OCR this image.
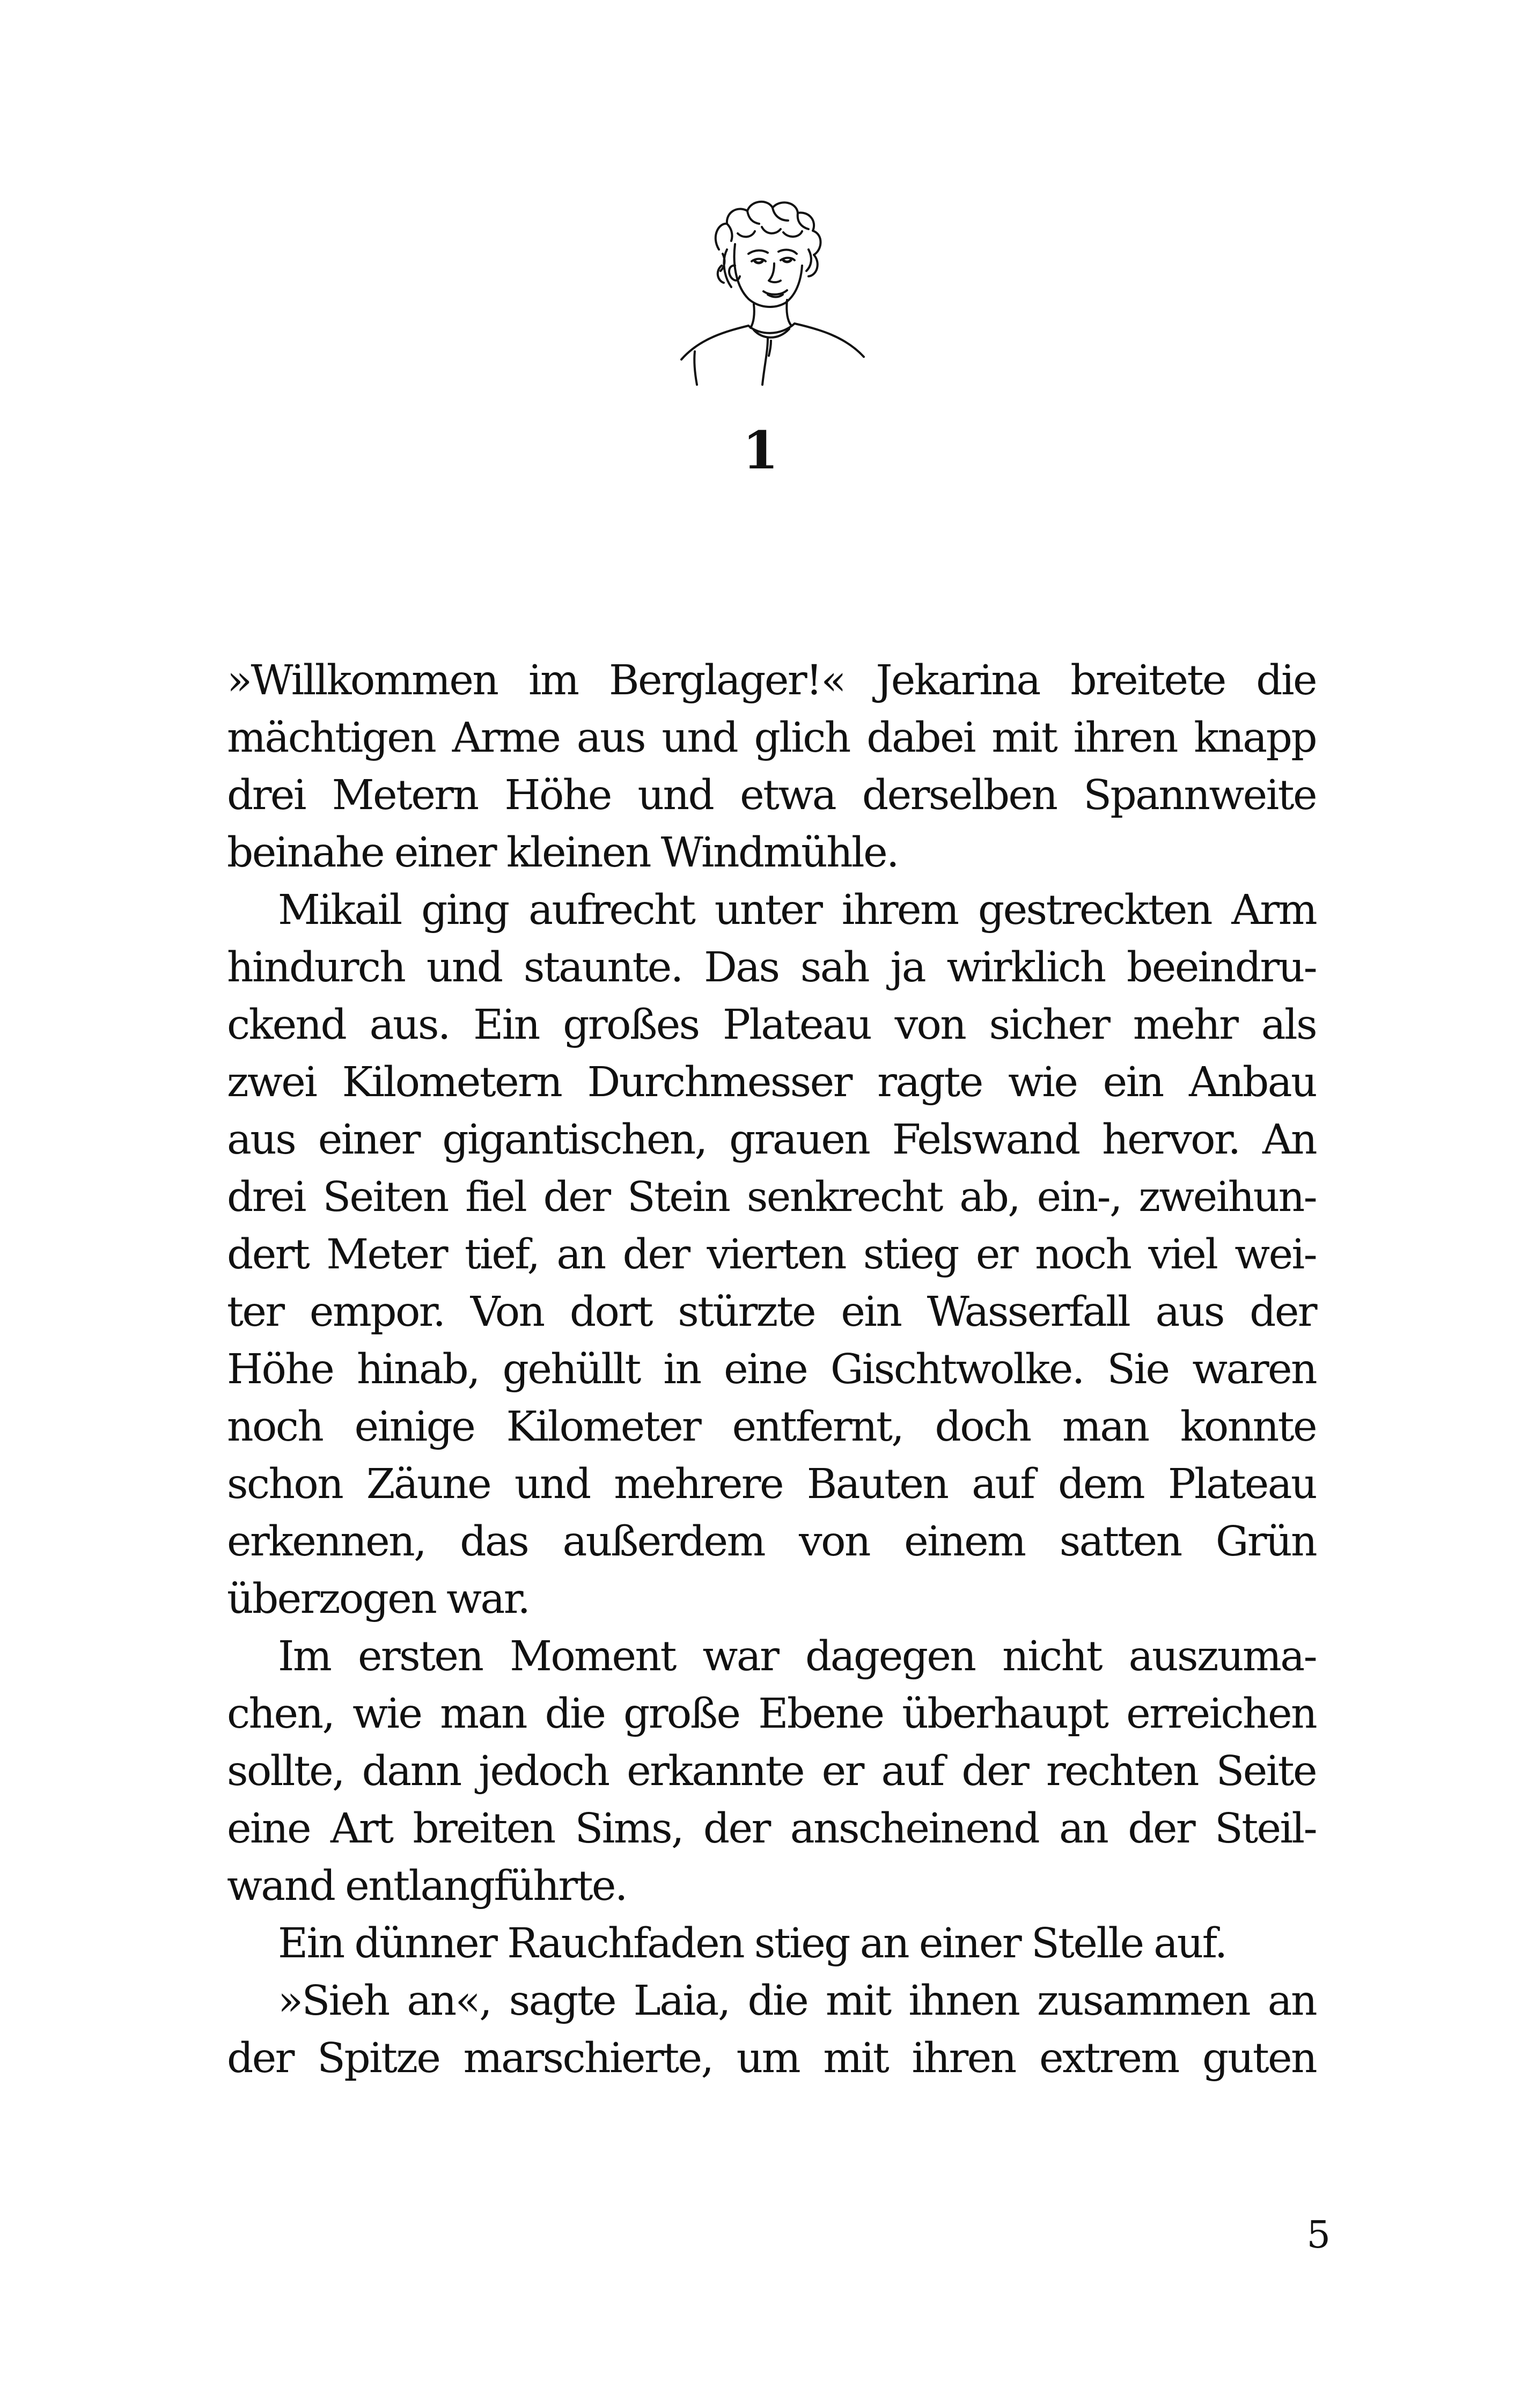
1
»Willkommen im Berglager!« Jekarina breitete die
mächtigen Arme aus und glich dabei mit ihren knapp
drei Metern Höhe und etwa derselben Spannweite
beinahe einer kleinen Windmühle.
Mikail ging aufrecht unter ihrem gestreckten Arm
hindurch und staunte. Das sah ja wirklich beeindru-
ckend aus. Ein großes Plateau von sicher mehr als
zwei Kilometern Durchmesser ragte wie ein Anbau
aus einer gigantischen, grauen Felswand hervor. An
drei Seiten fiel der Stein senkrecht ab, ein-, zweihun-
dert Meter tief, an der vierten stieg er noch viel wei-
ter empor. Von dort stürzte ein Wasserfall aus der
Höhe hinab, gehüllt in eine Gischtwolke. Sie waren
noch einige Kilometer entfernt, doch man konnte
schon Zäune und mehrere Bauten auf dem Plateau
erkennen, das außerdem von einem satten Grün
überzogen war.
Im ersten Moment war dagegen nicht auszuma-
chen, wie man die große Ebene überhaupt erreichen
sollte, dann jedoch erkannte er auf der rechten Seite
eine Art breiten Sims, der anscheinend an der Steil-
wand entlangführte.
Ein dünner Rauchfaden stieg an einer Stelle auf.
»Sieh an«, sagte Laia, die mit ihnen zusammen an
der Spitze marschierte, um mit ihren extrem guten
5
